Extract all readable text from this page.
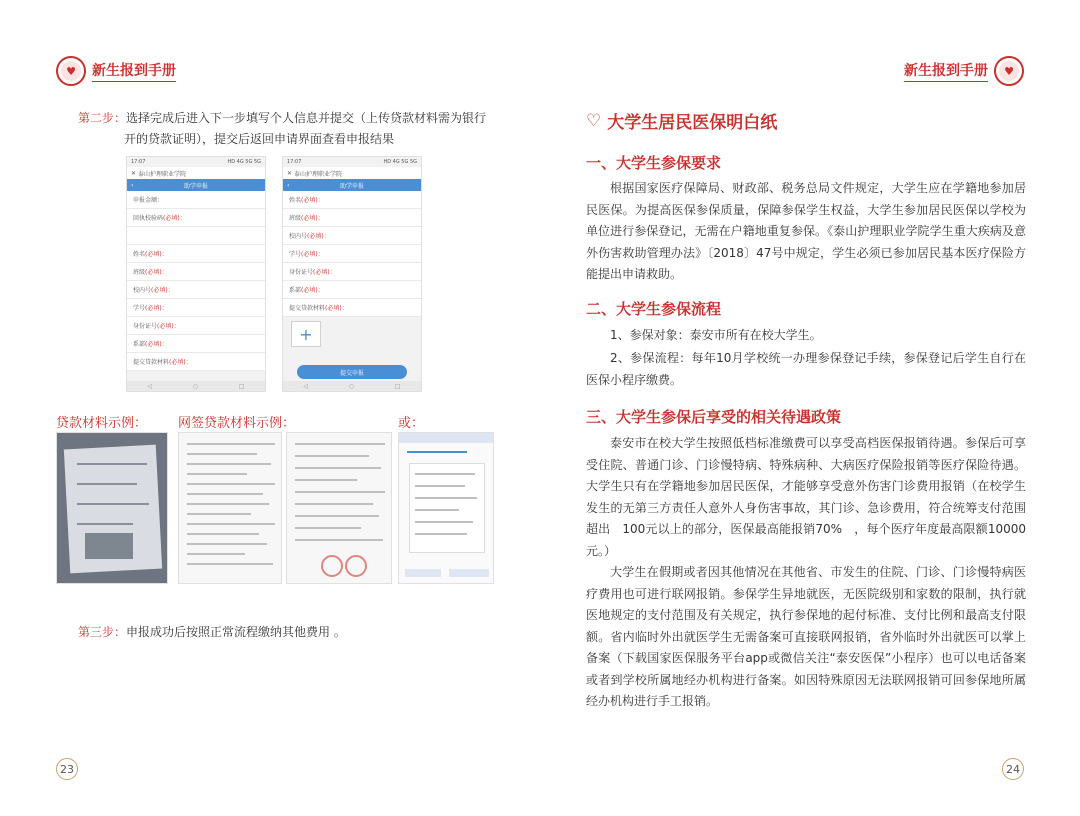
♥	新生报到手册
第二步：选择完成后进入下一步填写个人信息并提交（上传贷款材料需为银行
开的贷款证明），提交后返回申请界面查看申报结果
17:07	HD 4G 5G 5G
✕ 泰山护理职业学院
‹	助学申报
申报金额：
回执校验码 (必填)：
姓名 (必填)：
班级 (必填)：
校内号 (必填)：
学号 (必填)：
身份证号 (必填)：
系部 (必填)：
提交贷款材料 (必填)：
◁	○	□
17:07	HD 4G 5G 5G
✕ 泰山护理职业学院
‹	助学申报
姓名 (必填)：
班级 (必填)：
校内号 (必填)：
学号 (必填)：
身份证号 (必填)：
系部 (必填)：
提交贷款材料 (必填)：
+
提交申报
◁	○	□
贷款材料示例： 网签贷款材料示例：	或：
第三步：申报成功后按照正常流程缴纳其他费用 。
23
新生报到手册	♥
24
♡ 大学生居民医保明白纸
一、大学生参保要求
根据国家医疗保障局、财政部、税务总局文件规定，大学生应在学籍地参加居民医保。为提高医保参保质量，保障参保学生权益，大学生参加居民医保以学校为单位进行参保登记，无需在户籍地重复参保。《泰山护理职业学院学生重大疾病及意外伤害救助管理办法》〔2018〕47号中规定，学生必须已参加居民基本医疗保险方能提出申请救助。
二、大学生参保流程
1、参保对象：泰安市所有在校大学生。
2、参保流程：每年10月学校统一办理参保登记手续，参保登记后学生自行在医保小程序缴费。
三、大学生参保后享受的相关待遇政策
泰安市在校大学生按照低档标准缴费可以享受高档医保报销待遇。参保后可享受住院、普通门诊、门诊慢特病、特殊病种、大病医疗保险报销等医疗保险待遇。大学生只有在学籍地参加居民医保，才能够享受意外伤害门诊费用报销（在校学生发生的无第三方责任人意外人身伤害事故，其门诊、急诊费用，符合统筹支付范围超出　100元以上的部分，医保最高能报销70%　，每个医疗年度最高限额10000元。）
大学生在假期或者因其他情况在其他省、市发生的住院、门诊、门诊慢特病医疗费用也可进行联网报销。参保学生异地就医，无医院级别和家数的限制，执行就医地规定的支付范围及有关规定，执行参保地的起付标准、支付比例和最高支付限额。省内临时外出就医学生无需备案可直接联网报销，省外临时外出就医可以掌上备案（下载国家医保服务平台app或微信关注“泰安医保”小程序）也可以电话备案或者到学校所属地经办机构进行备案。如因特殊原因无法联网报销可回参保地所属经办机构进行手工报销。
